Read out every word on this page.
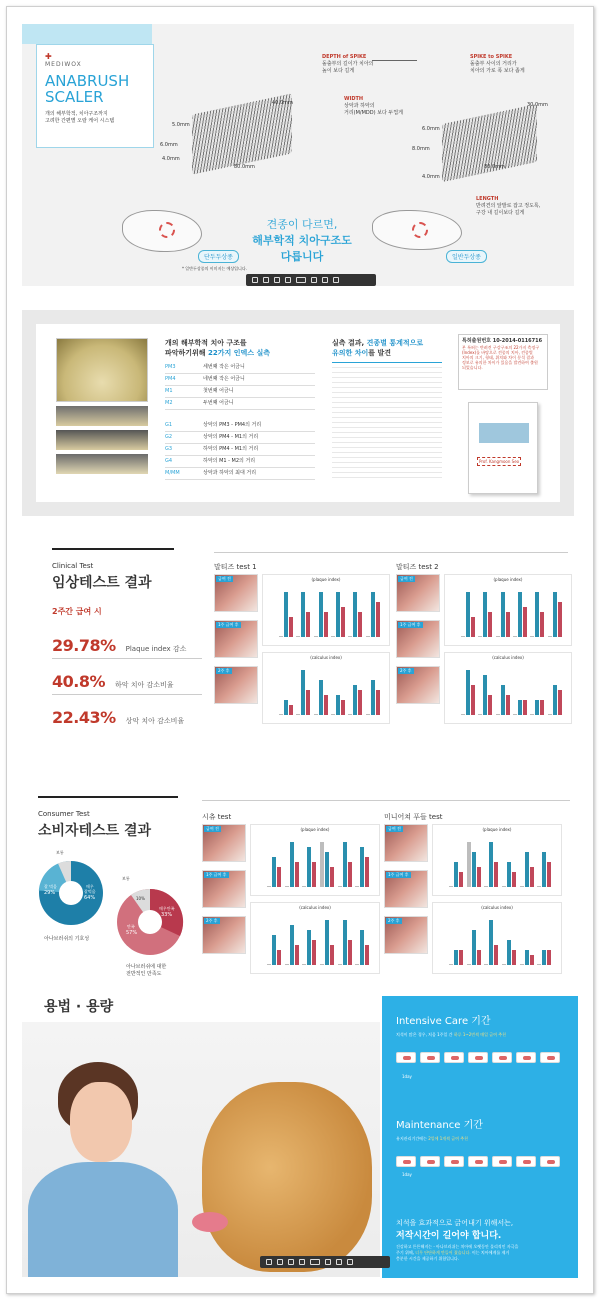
✚
MEDIWOX
ANABRUSH
SCALER
개의 해부학적, 치아구조까지
고려한 간편별 오랄 케어 시스템
5.0mm
6.0mm
4.0mm
40.0mm
80.0mm
6.0mm
8.0mm
4.0mm
30.0mm
80.0mm
DEPTH of SPIKE
돌출부의 길이가 치아의
높이 보다 길게
WIDTH
상악과 하악의
거리(M/MDD) 보다 두껍게
SPIKE to SPIKE
돌출부 사이의 거리가
치아의 가로 폭 보다 좁게
LENGTH
반려견의 앞발로 잡고 정도록,
구강 내 길이보다 길게
견종이 다르면,
해부학적 치아구조도
다릅니다
단두두상종	일반두상종
* 일반두상종의 이미지는 예상입니다.
개의 해부학적 치아 구조를
파악하기위해 22가지 인덱스 실측
PM3	세번째 작은 어금니
PM4	네번째 작은 어금니
M1	첫번째 어금니
M2	두번째 어금니
G1	상악의 PM3 - PM4의 거리
G2	상악의 PM4 - M1의 거리
G3	하악의 PM4 - M1의 거리
G4	하악의 M1 - M2의 거리
M/MM	상악과 하악의 최대 거리
실측 결과, 견종별 통계적으로
유의한 차이를 발견
특허출원번호 10-2014-0116716
본 특허는 반려견 구강구조의 22가지 측정구
(Index)를 바탕으로 견종의 치아, 견종별
치아의 크기, 형태, 위치와 차이 분석 결과
정보로 유의한 차이가 있음을 발견하여 출원
되었습니다.
Prof. Kangmoon Seo
Clinical Test
임상테스트 결과
2주간 급여 시
29.78% Plaque index 감소
40.8% 하악 치아 감소비율
22.43% 상악 치아 감소비율
말티즈 test 1	말티즈 test 2
급여 전
1주 급여 후
2주 후
(plaque index)
(calculus index)
급여 전
1주 급여 후
2주 후
(plaque index)
(calculus index)
Consumer Test
소비자테스트 결과
보통
잘 먹음
29%
매우
잘먹음
64%
아나브러쉬의 기호성
보통
10%
매우만족
33%
만족
57%
아나브러쉬에 대한
전반적인 만족도
시츄 test	미니어쳐 푸들 test
급여 전
1주 급여 후
2주 후
(plaque index)
(calculus index)
급여 전
1주 급여 후
2주 후
(plaque index)
(calculus index)
용법 · 용량
Intensive Care 기간
치석이 많은 경우, 처음 1주일 간 하루 1~2번씩 매일 급여 추천
1day
Maintenance 기간
유지관리기간에는 2일에 1개씩 급여 추천
1day
치석을 효과적으로 긁어내기 위해서는,
저작시간이 길어야 합니다.
건강하고 튼튼해지는 - 아나브러쉬는 치아에 오랫동안 물리적인 자극을
주기 위해, 너무 단단하게 만들어 졌습니다. 이는 치아에게를 제거
충분한 시간을 제공하기 위함입니다.
